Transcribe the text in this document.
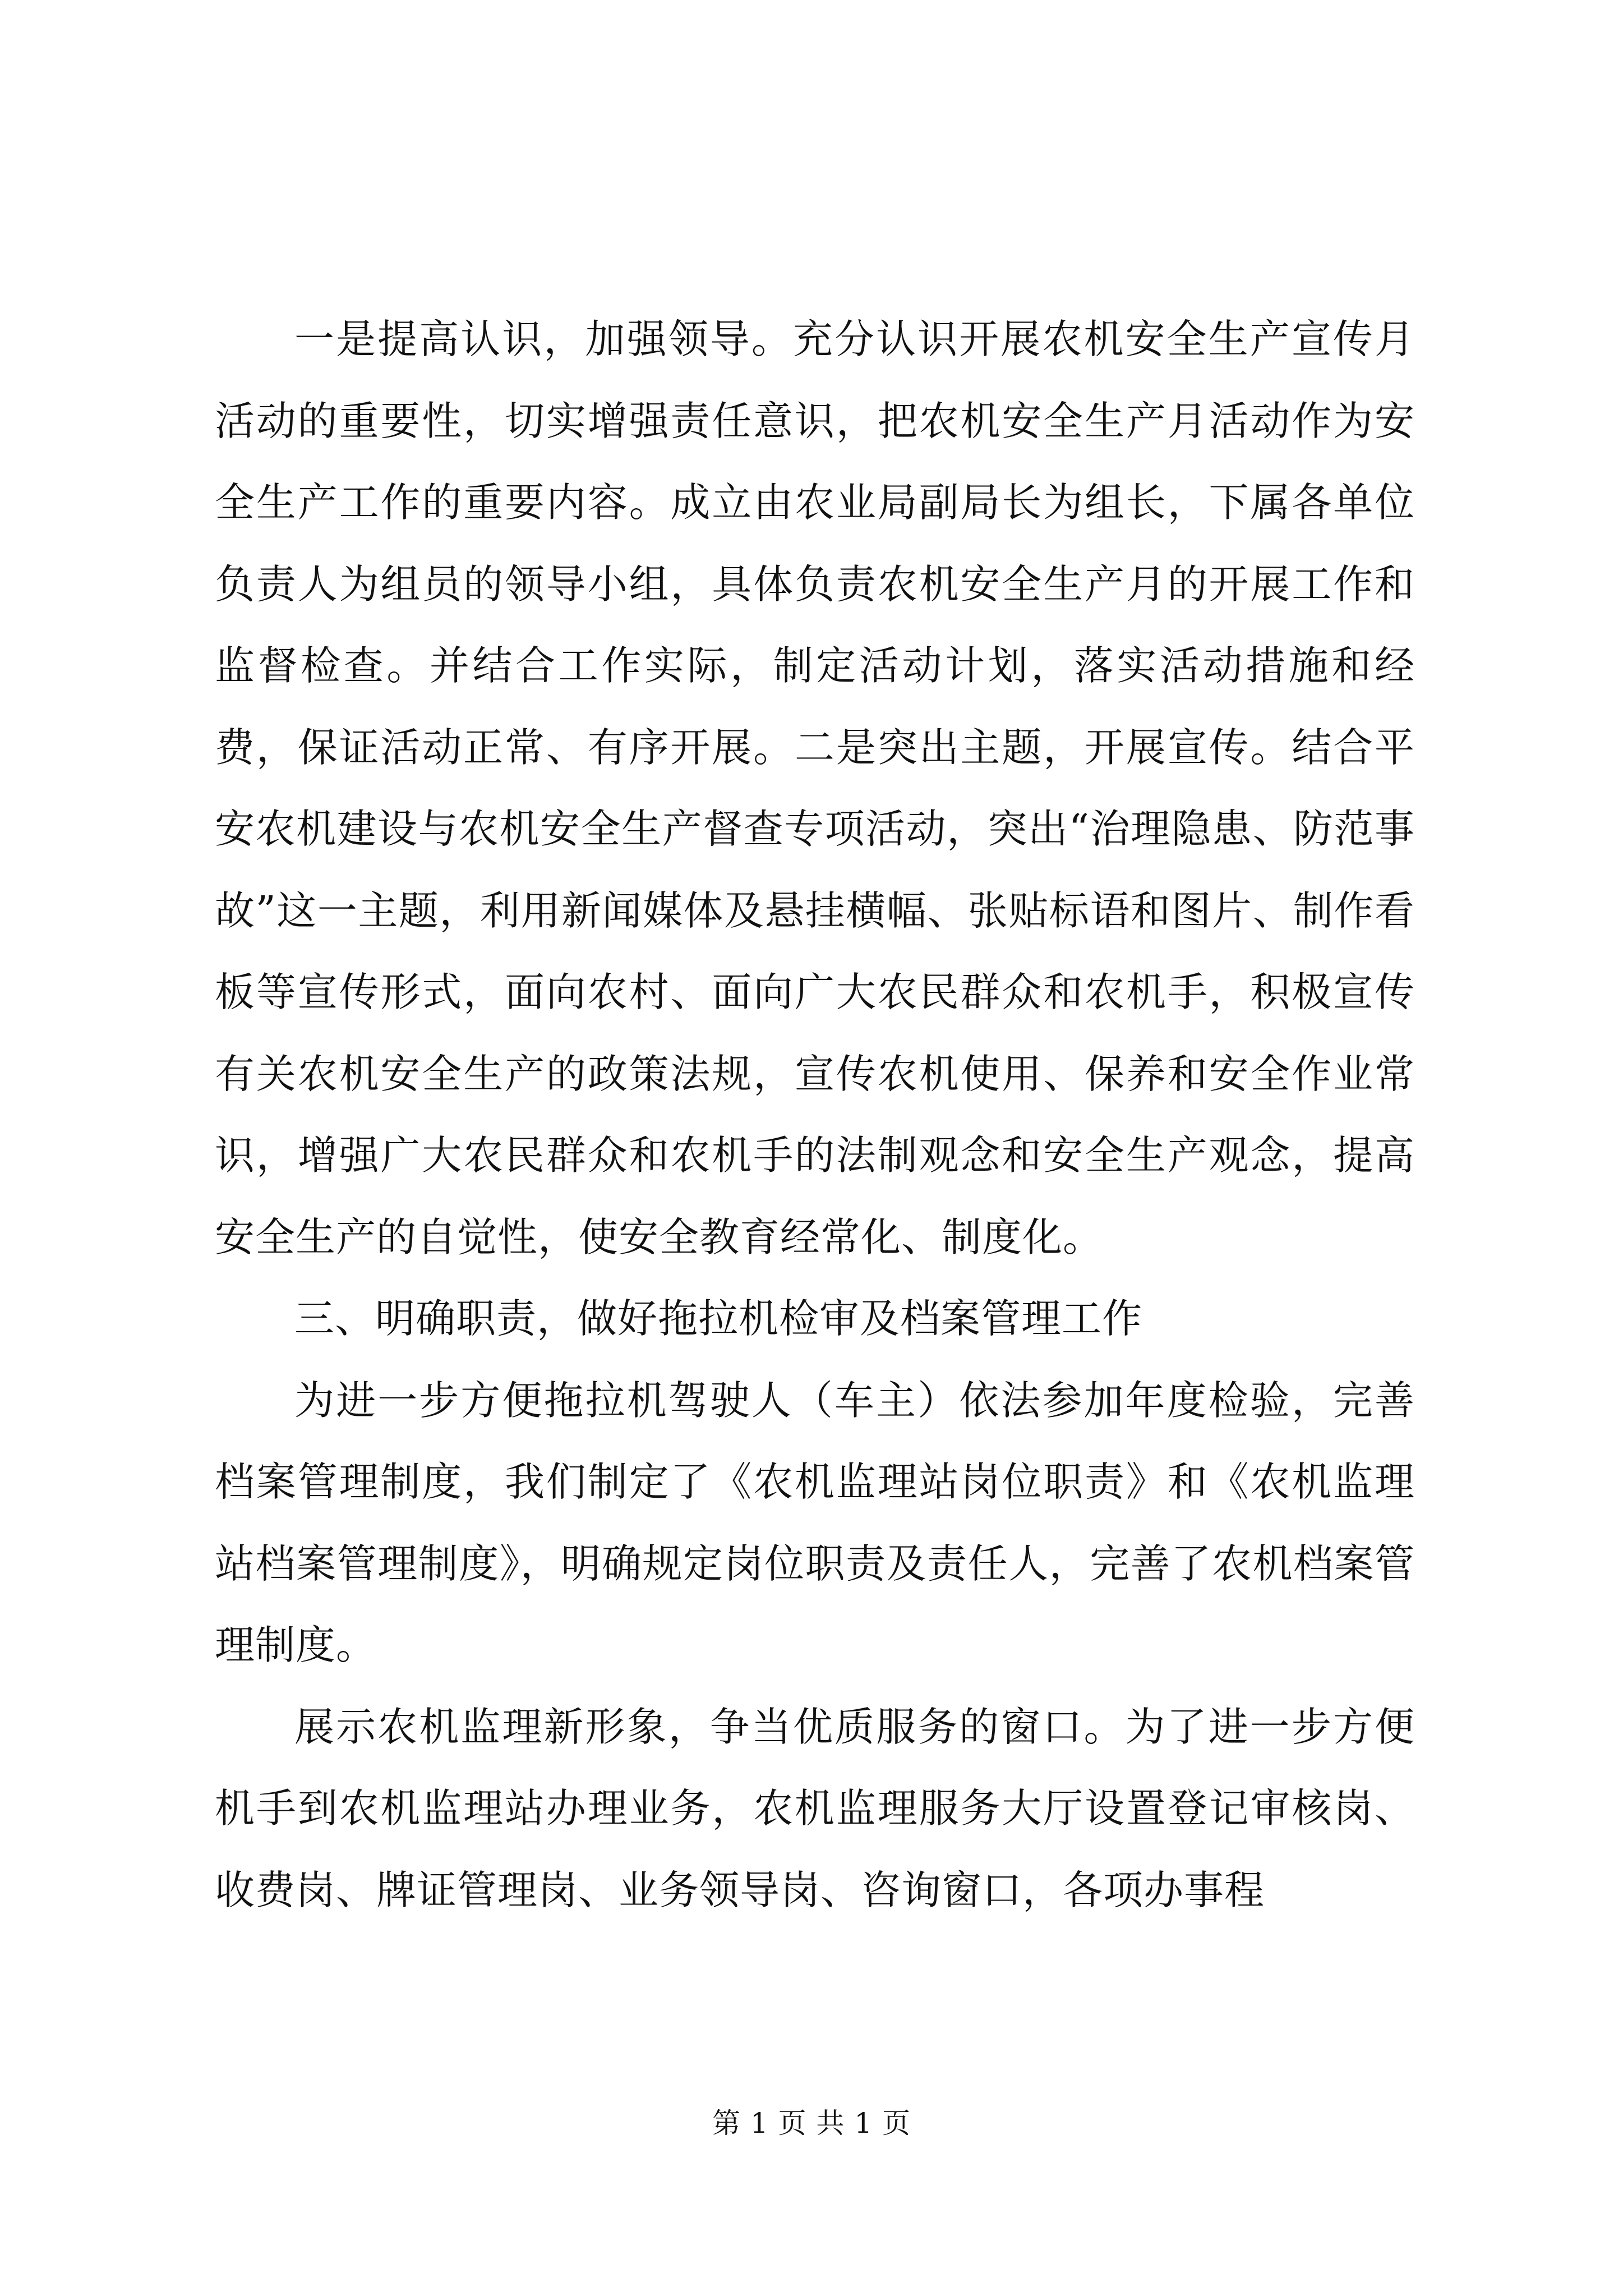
一是提高认识，加强领导。充分认识开展农机安全生产宣传月活动的重要性，切实增强责任意识，把农机安全生产月活动作为安全生产工作的重要内容。成立由农业局副局长为组长，下属各单位负责人为组员的领导小组，具体负责农机安全生产月的开展工作和监督检查。并结合工作实际，制定活动计划，落实活动措施和经费，保证活动正常、有序开展。二是突出主题，开展宣传。结合平安农机建设与农机安全生产督查专项活动，突出“治理隐患、防范事故”这一主题，利用新闻媒体及悬挂横幅、张贴标语和图片、制作看板等宣传形式，面向农村、面向广大农民群众和农机手，积极宣传有关农机安全生产的政策法规，宣传农机使用、保养和安全作业常识，增强广大农民群众和农机手的法制观念和安全生产观念，提高安全生产的自觉性，使安全教育经常化、制度化。

三、明确职责，做好拖拉机检审及档案管理工作

为进一步方便拖拉机驾驶人（车主）依法参加年度检验，完善档案管理制度，我们制定了《农机监理站岗位职责》和《农机监理站档案管理制度》，明确规定岗位职责及责任人，完善了农机档案管理制度。

展示农机监理新形象，争当优质服务的窗口。为了进一步方便机手到农机监理站办理业务，农机监理服务大厅设置登记审核岗、收费岗、牌证管理岗、业务领导岗、咨询窗口，各项办事程

第 1 页 共 1 页
